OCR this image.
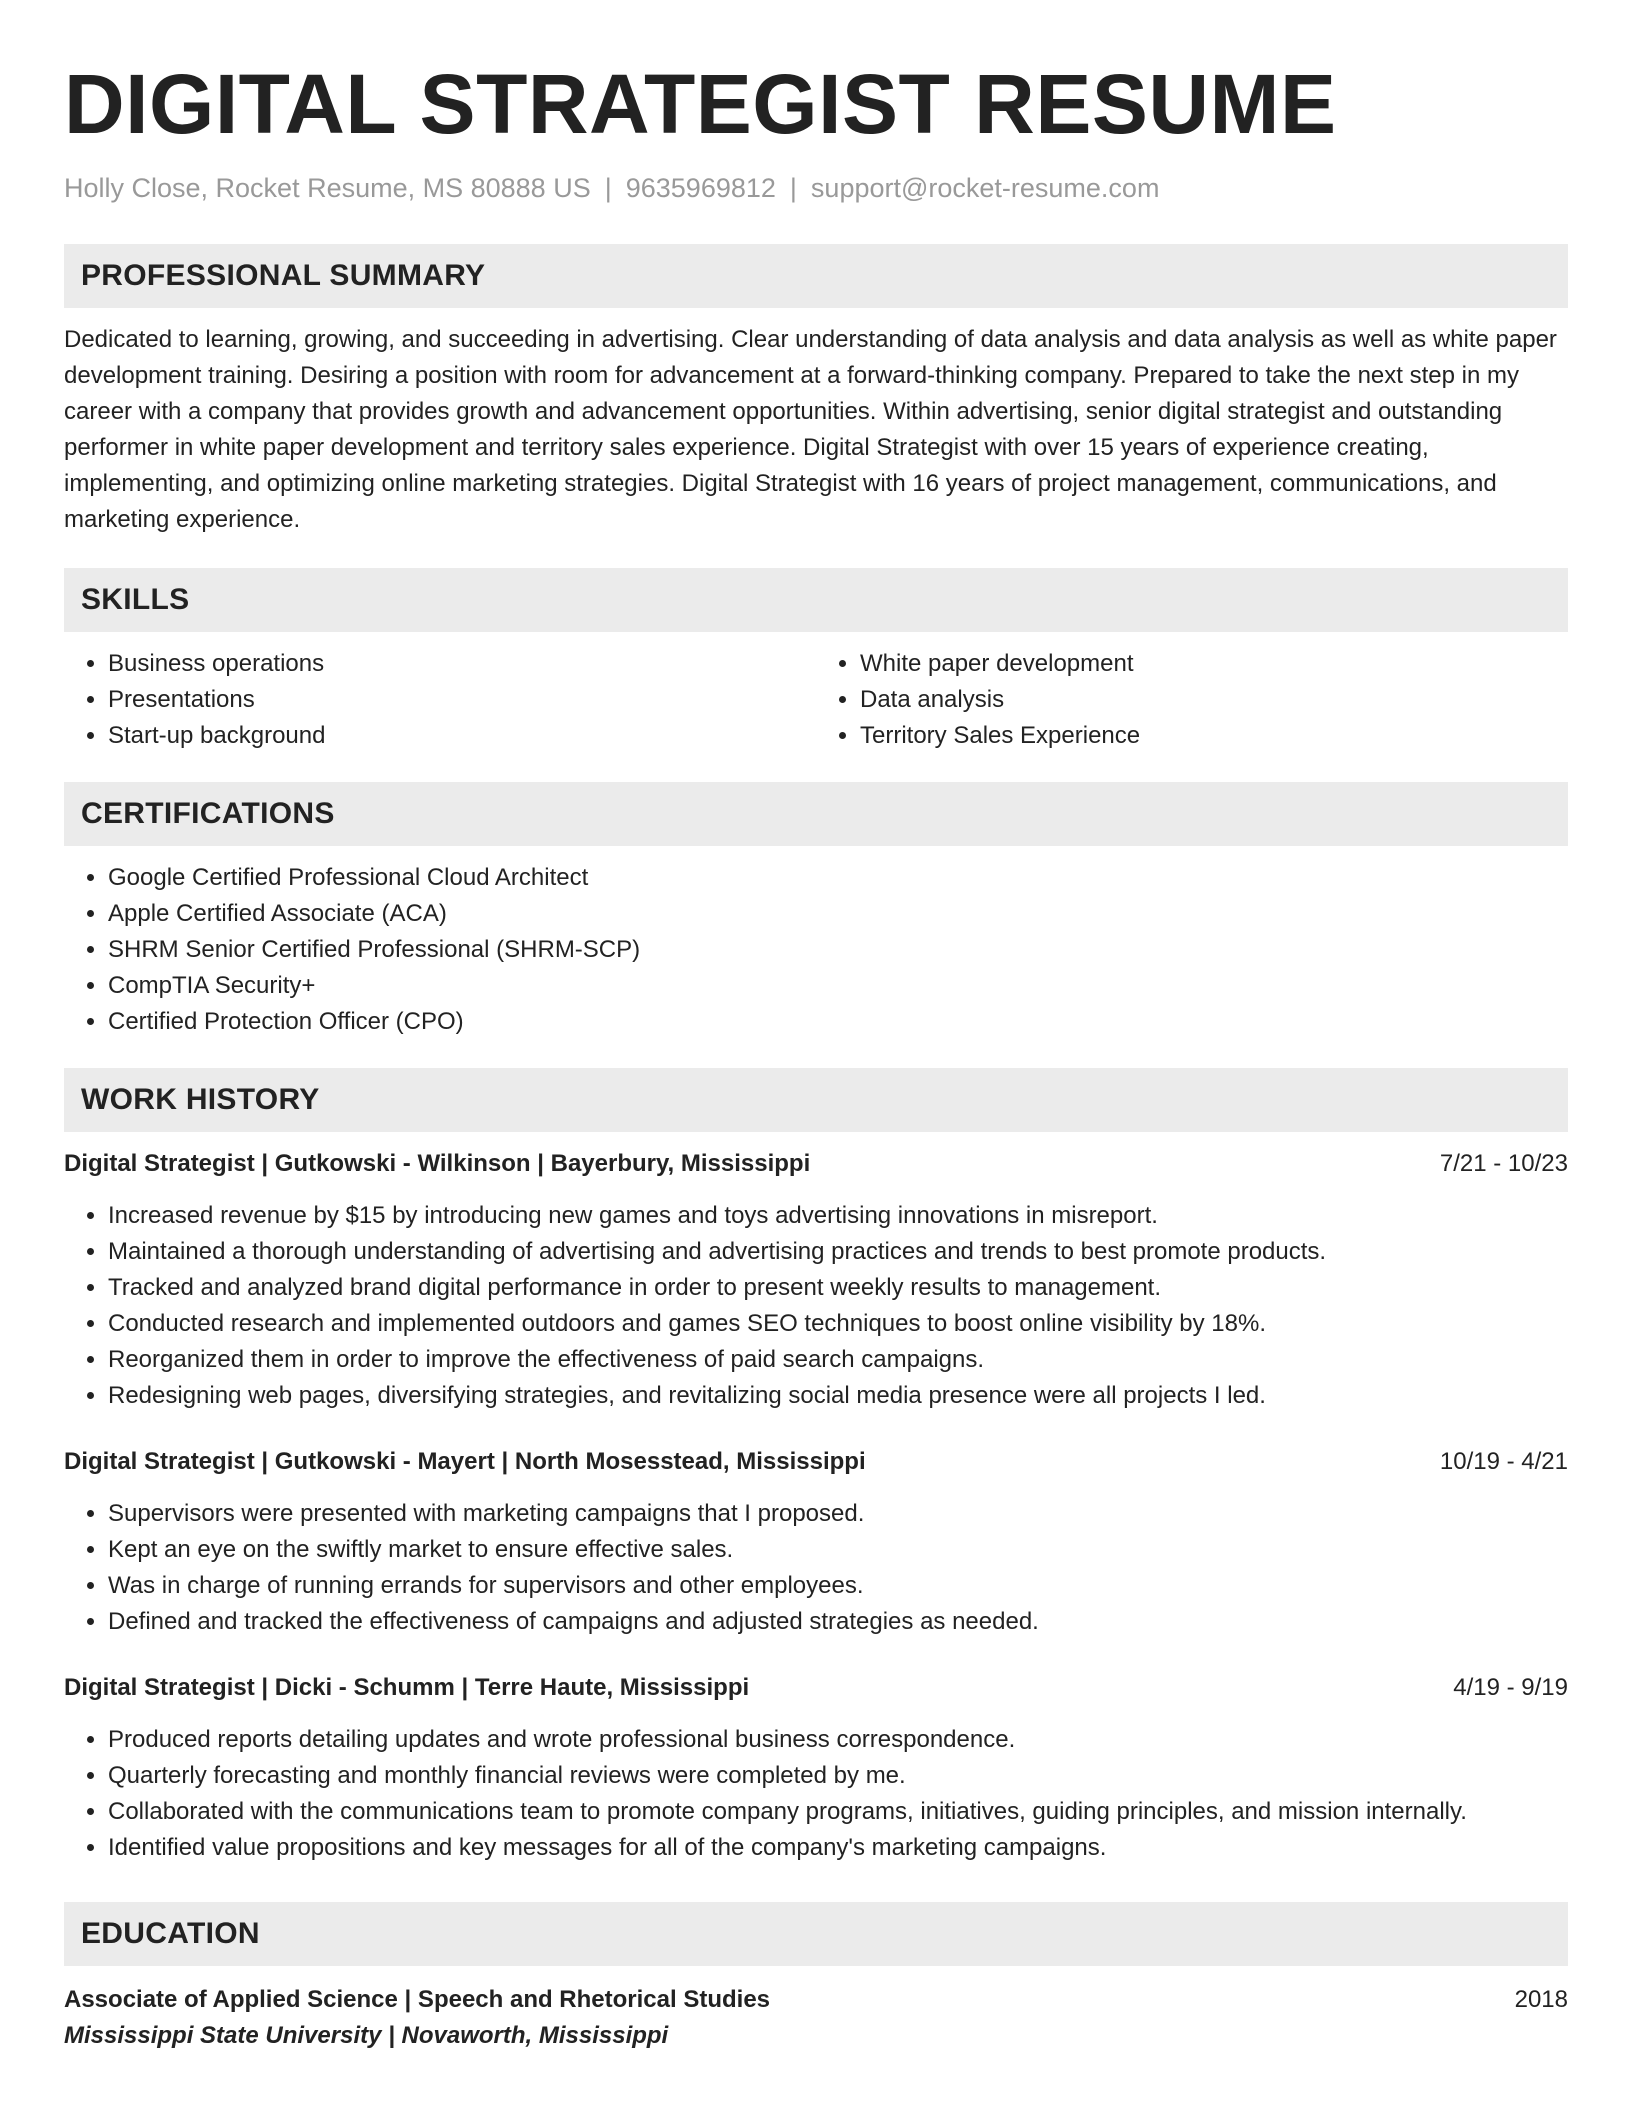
DIGITAL STRATEGIST RESUME
Holly Close, Rocket Resume, MS 80888 US | 9635969812 | support@rocket-resume.com
PROFESSIONAL SUMMARY

Dedicated to learning, growing, and succeeding in advertising. Clear understanding of data analysis and data analysis as well as white paper development training. Desiring a position with room for advancement at a forward-thinking company. Prepared to take the next step in my career with a company that provides growth and advancement opportunities. Within advertising, senior digital strategist and outstanding performer in white paper development and territory sales experience. Digital Strategist with over 15 years of experience creating, implementing, and optimizing online marketing strategies. Digital Strategist with 16 years of project management, communications, and marketing experience.

SKILLS
• Business operations
• Presentations
• Start-up background
• White paper development
• Data analysis
• Territory Sales Experience
CERTIFICATIONS
• Google Certified Professional Cloud Architect
• Apple Certified Associate (ACA)
• SHRM Senior Certified Professional (SHRM-SCP)
• CompTIA Security+
• Certified Protection Officer (CPO)
WORK HISTORY
Digital Strategist | Gutkowski - Wilkinson | Bayerbury, Mississippi	7/21 - 10/23
• Increased revenue by $15 by introducing new games and toys advertising innovations in misreport.
• Maintained a thorough understanding of advertising and advertising practices and trends to best promote products.
• Tracked and analyzed brand digital performance in order to present weekly results to management.
• Conducted research and implemented outdoors and games SEO techniques to boost online visibility by 18%.
• Reorganized them in order to improve the effectiveness of paid search campaigns.
• Redesigning web pages, diversifying strategies, and revitalizing social media presence were all projects I led.
Digital Strategist | Gutkowski - Mayert | North Mosesstead, Mississippi	10/19 - 4/21
• Supervisors were presented with marketing campaigns that I proposed.
• Kept an eye on the swiftly market to ensure effective sales.
• Was in charge of running errands for supervisors and other employees.
• Defined and tracked the effectiveness of campaigns and adjusted strategies as needed.
Digital Strategist | Dicki - Schumm | Terre Haute, Mississippi	4/19 - 9/19
• Produced reports detailing updates and wrote professional business correspondence.
• Quarterly forecasting and monthly financial reviews were completed by me.
• Collaborated with the communications team to promote company programs, initiatives, guiding principles, and mission internally.
• Identified value propositions and key messages for all of the company's marketing campaigns.
EDUCATION
Associate of Applied Science | Speech and Rhetorical Studies	2018
Mississippi State University | Novaworth, Mississippi
